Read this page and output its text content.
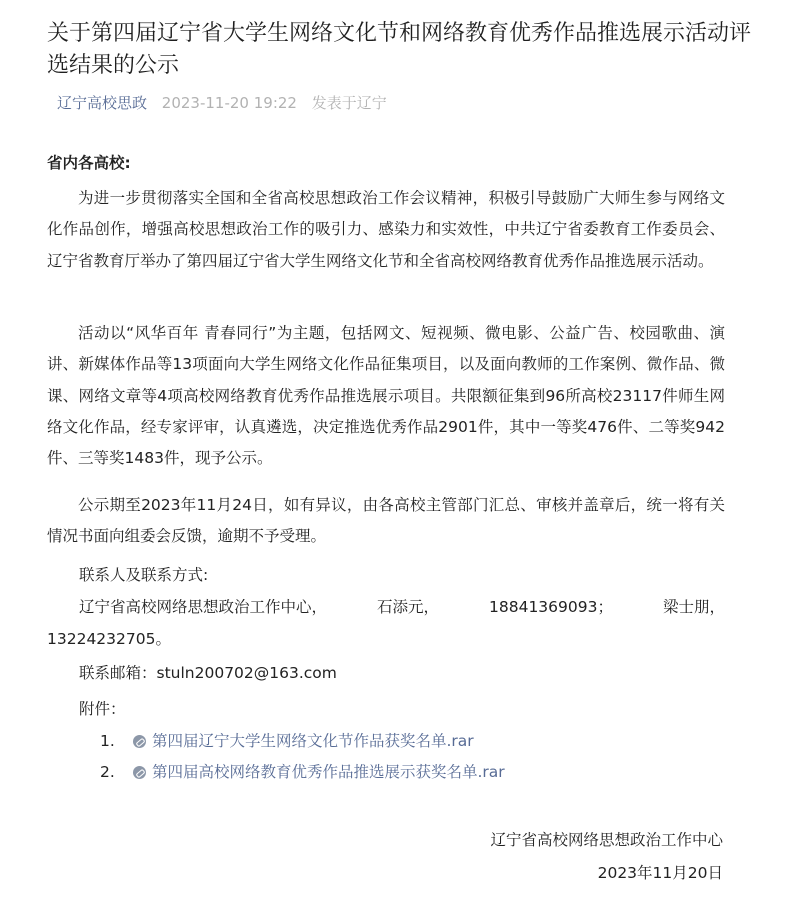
关于第四届辽宁省大学生网络文化节和网络教育优秀作品推选展示活动评选结果的公示
辽宁高校思政 2023-11-20 19:22 发表于辽宁
省内各高校:

为进一步贯彻落实全国和全省高校思想政治工作会议精神，积极引导鼓励广大师生参与网络文化作品创作，增强高校思想政治工作的吸引力、感染力和实效性，中共辽宁省委教育工作委员会、辽宁省教育厅举办了第四届辽宁省大学生网络文化节和全省高校网络教育优秀作品推选展示活动。

活动以“风华百年 青春同行”为主题，包括网文、短视频、微电影、公益广告、校园歌曲、演讲、新媒体作品等13项面向大学生网络文化作品征集项目，以及面向教师的工作案例、微作品、微课、网络文章等4项高校网络教育优秀作品推选展示项目。共限额征集到96所高校23117件师生网络文化作品，经专家评审，认真遴选，决定推选优秀作品2901件，其中一等奖476件、二等奖942件、三等奖1483件，现予公示。

公示期至2023年11月24日，如有异议，由各高校主管部门汇总、审核并盖章后，统一将有关情况书面向组委会反馈，逾期不予受理。

联系人及联系方式:
辽宁省高校网络思想政治工作中心，	石添元，	18841369093；	梁士朋，
13224232705。
联系邮箱：stuln200702@163.com
附件：
1.	第四届辽宁大学生网络文化节作品获奖名单.rar
2.	第四届高校网络教育优秀作品推选展示获奖名单.rar
辽宁省高校网络思想政治工作中心
2023年11月20日
